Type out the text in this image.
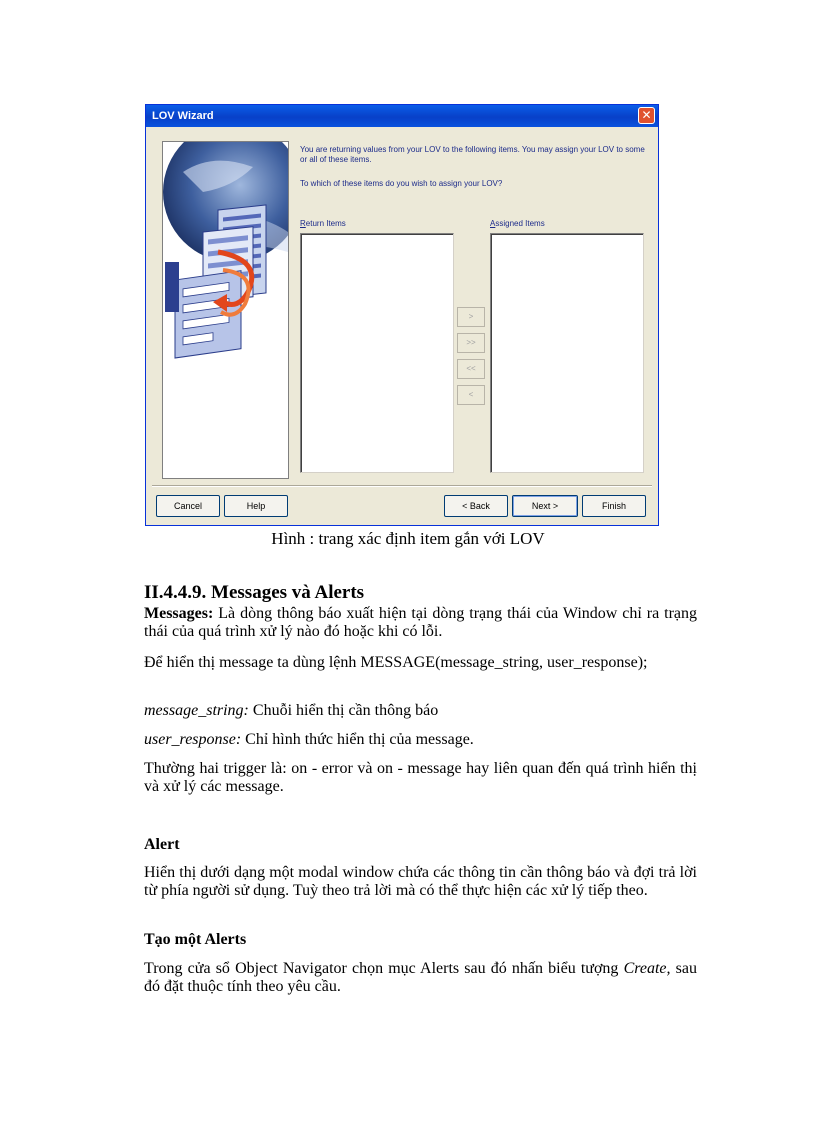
LOV Wizard	✕
You are returning values from your LOV to the following items. You may assign your LOV to some or all of these items.
To which of these items do you wish to assign your LOV?
Return Items	Assigned Items
>
>>
<<
<
Cancel	Help	< Back	Next >	Finish
Hình : trang xác định item gắn với LOV
II.4.4.9. Messages và Alerts

Messages: Là dòng thông báo xuất hiện tại dòng trạng thái của Window chỉ ra trạng thái của quá trình xử lý nào đó hoặc khi có lỗi.

Để hiển thị message ta dùng lệnh MESSAGE(message_string, user_response);

message_string: Chuỗi hiển thị cần thông báo

user_response: Chỉ hình thức hiển thị của message.

Thường hai trigger là: on - error và on - message hay liên quan đến quá trình hiển thị và xử lý các message.

Alert

Hiển thị dưới dạng một modal window chứa các thông tin cần thông báo và đợi trả lời từ phía người sử dụng. Tuỳ theo trả lời mà có thể thực hiện các xử lý tiếp theo.

Tạo một Alerts

Trong cửa sổ Object Navigator chọn mục Alerts sau đó nhấn biểu tượng Create, sau đó đặt thuộc tính theo yêu cầu.
